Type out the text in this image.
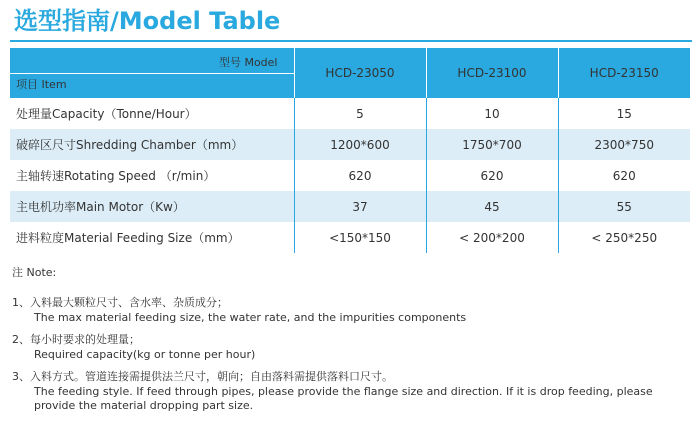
选型指南/Model Table
型号 Model
项目 Item	HCD-23050	HCD-23100	HCD-23150
处理量Capacity（Tonne/Hour）	5	10	15
破碎区尺寸Shredding Chamber（mm）	1200*600	1750*700	2300*750
主轴转速Rotating Speed （r/min）	620	620	620
主电机功率Main Motor（Kw）	37	45	55
进料粒度Material Feeding Size（mm）	<150*150	< 200*200	< 250*250
注 Note:
1、入料最大颗粒尺寸、含水率、杂质成分；
The max material feeding size, the water rate, and the impurities components
2、每小时要求的处理量；
Required capacity(kg or tonne per hour)
3、入料方式。管道连接需提供法兰尺寸，朝向；自由落料需提供落料口尺寸。
The feeding style. If feed through pipes, please provide the flange size and direction. If it is drop feeding, please provide the material dropping part size.
